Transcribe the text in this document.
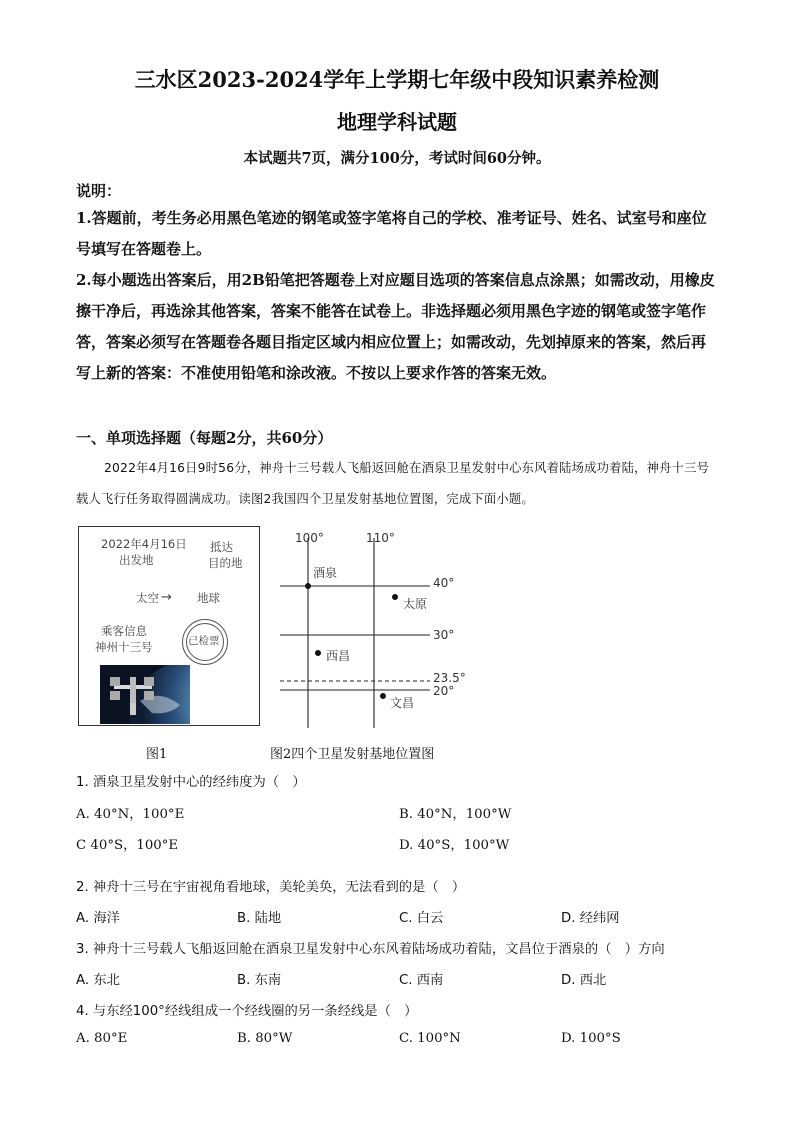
三水区2023-2024学年上学期七年级中段知识素养检测
地理学科试题
本试题共7页，满分100分，考试时间60分钟。
说明：
1.答题前，考生务必用黑色笔迹的钢笔或签字笔将自己的学校、准考证号、姓名、试室号和座位号填写在答题卷上。
2.每小题选出答案后，用2B铅笔把答题卷上对应题目选项的答案信息点涂黑；如需改动，用橡皮擦干净后，再选涂其他答案，答案不能答在试卷上。非选择题必须用黑色字迹的钢笔或签字笔作答，答案必须写在答题卷各题目指定区域内相应位置上；如需改动，先划掉原来的答案，然后再写上新的答案：不准使用铅笔和涂改液。不按以上要求作答的答案无效。
一、单项选择题（每题2分，共60分）
2022年4月16日9时56分，神舟十三号载人飞船返回舱在酒泉卫星发射中心东风着陆场成功着陆，神舟十三号载人飞行任务取得圆满成功。读图2我国四个卫星发射基地位置图，完成下面小题。
2022年4月16日
出发地
抵达
目的地
太空 → 地球
乘客信息
神州十三号	已检票
100°	110°
40°
30°
23.5°
20°
酒泉
太原
西昌
文昌
图1	图2四个卫星发射基地位置图
1. 酒泉卫星发射中心的经纬度为（　）
A. 40°N，100°E	B. 40°N，100°W
C 40°S，100°E	D. 40°S，100°W
2. 神舟十三号在宇宙视角看地球，美轮美奂，无法看到的是（　）
A. 海洋	B. 陆地	C. 白云	D. 经纬网
3. 神舟十三号载人飞船返回舱在酒泉卫星发射中心东风着陆场成功着陆，文昌位于酒泉的（　）方向
A. 东北	B. 东南	C. 西南	D. 西北
4. 与东经100°经线组成一个经线圈的另一条经线是（　）
A. 80°E	B. 80°W	C. 100°N	D. 100°S
